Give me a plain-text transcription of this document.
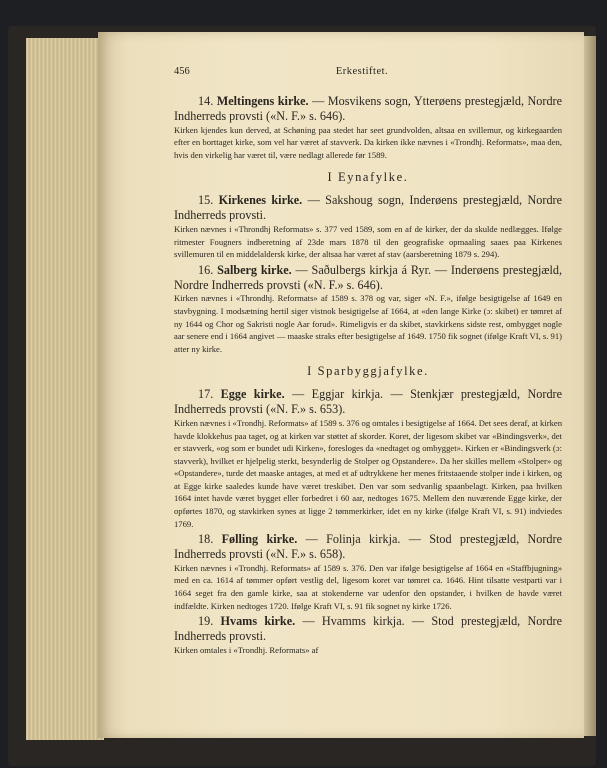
456	Erkestiftet.

14. Meltingens kirke. — Mosvikens sogn, Ytterøens prestegjæld, Nordre Indherreds provsti («N. F.» s. 646).

Kirken kjendes kun derved, at Schøning paa stedet har seet grundvolden, altsaa en svillemur, og kirkegaarden efter en borttaget kirke, som vel har været af stavverk. Da kirken ikke nævnes i «Trondhj. Reformats», maa den, hvis den virkelig har været til, være nedlagt allerede før 1589.

I Eynafylke.

15. Kirkenes kirke. — Sakshoug sogn, Inderøens prestegjæld, Nordre Indherreds provsti.

Kirken nævnes i «Throndhj Reformats» s. 377 ved 1589, som en af de kirker, der da skulde nedlægges. Ifølge ritmester Fougners indberetning af 23de mars 1878 til den geografiske opmaaling saaes paa Kirkenes svillemuren til en middelaldersk kirke, der altsaa har været af stav (aarsberetning 1879 s. 294).

16. Salberg kirke. — Saðulbergs kirkja á Ryr. — Inderøens prestegjæld, Nordre Indherreds provsti («N. F.» s. 646).

Kirken nævnes i «Throndhj. Reformats» af 1589 s. 378 og var, siger «N. F.», ifølge besigtigelse af 1649 en stavbygning. I modsætning hertil siger vistnok besigtigelse af 1664, at «den lange Kirke (ɔ: skibet) er tømret af ny 1644 og Chor og Sakristi nogle Aar forud». Rimeligvis er da skibet, stavkirkens sidste rest, ombygget nogle aar senere end i 1664 angivet — maaske straks efter besigtigelse af 1649. 1750 fik sognet (ifølge Kraft VI, s. 91) atter ny kirke.

I Sparbyggjafylke.

17. Egge kirke. — Eggjar kirkja. — Stenkjær prestegjæld, Nordre Indherreds provsti («N. F.» s. 653).

Kirken nævnes i «Trondhj. Reformats» af 1589 s. 376 og omtales i besigtigelse af 1664. Det sees deraf, at kirken havde klokkehus paa taget, og at kirken var støttet af skorder. Koret, der ligesom skibet var «Bindingsverk», det er stavverk, «og som er bundet udi Kirken», foresloges da «nedtaget og ombygget». Kirken er «Bindingsverk (ɔ: stavverk), hvilket er hjelpelig sterkt, besynderlig de Stolper og Opstandere». Da her skilles mellem «Stolper» og «Opstandere», turde det maaske antages, at med et af udtrykkene her menes fritstaaende stolper inde i kirken, og at Egge kirke saaledes kunde have været treskibet. Den var som sedvanlig spaanbelagt. Kirken, paa hvilken 1664 intet havde været bygget eller forbedret i 60 aar, nedtoges 1675. Mellem den nuværende Egge kirke, der opførtes 1870, og stavkirken synes at ligge 2 tømmerkirker, idet en ny kirke (ifølge Kraft VI, s. 91) indviedes 1769.

18. Følling kirke. — Folinja kirkja. — Stod prestegjæld, Nordre Indherreds provsti («N. F.» s. 658).

Kirken nævnes i «Trondhj. Reformats» af 1589 s. 376. Den var ifølge besigtigelse af 1664 en «Staffbjugning» med en ca. 1614 af tømmer opført vestlig del, ligesom koret var tømret ca. 1646. Hint tilsatte vestparti var i 1664 seget fra den gamle kirke, saa at stokenderne var udenfor den opstander, i hvilken de havde været indfældte. Kirken nedtoges 1720. Ifølge Kraft VI, s. 91 fik sognet ny kirke 1726.

19. Hvams kirke. — Hvamms kirkja. — Stod prestegjæld, Nordre Indherreds provsti.

Kirken omtales i «Trondhj. Reformats» af
